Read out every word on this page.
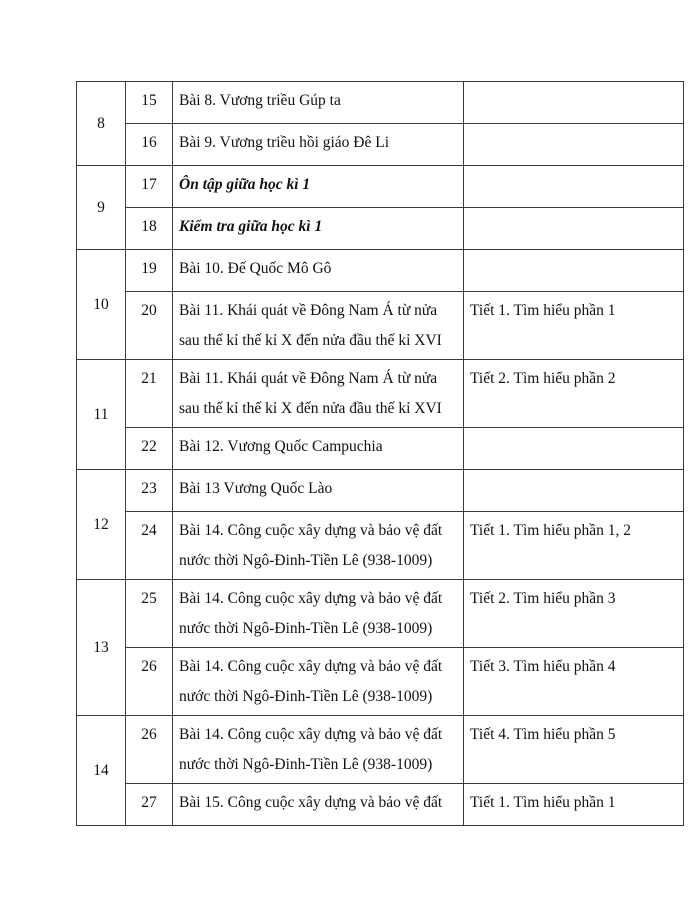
8	15	Bài 8. Vương triều Gúp ta	
	16	Bài 9. Vương triều hồi giáo Đê Li	
9	17	Ôn tập giữa học kì 1	
	18	Kiểm tra giữa học kì 1	
10	19	Bài 10. Đế Quốc Mô Gô	
	20	Bài 11. Khái quát về Đông Nam Á từ nửa sau thế kỉ thế kỉ X đến nửa đầu thế kỉ XVI	Tiết 1. Tìm hiểu phần 1
11	21	Bài 11. Khái quát về Đông Nam Á từ nửa sau thế kỉ thế kỉ X đến nửa đầu thế kỉ XVI	Tiết 2. Tìm hiểu phần 2
	22	Bài 12. Vương Quốc Campuchia	
12	23	Bài 13 Vương Quốc Lào	
	24	Bài 14. Công cuộc xây dựng và bảo vệ đất nước thời Ngô-Đinh-Tiền Lê (938-1009)	Tiết 1. Tìm hiểu phần 1, 2
13	25	Bài 14. Công cuộc xây dựng và bảo vệ đất nước thời Ngô-Đinh-Tiền Lê (938-1009)	Tiết 2. Tìm hiểu phần 3
	26	Bài 14. Công cuộc xây dựng và bảo vệ đất nước thời Ngô-Đinh-Tiền Lê (938-1009)	Tiết 3. Tìm hiểu phần 4
14	26	Bài 14. Công cuộc xây dựng và bảo vệ đất nước thời Ngô-Đinh-Tiền Lê (938-1009)	Tiết 4. Tìm hiểu phần 5
	27	Bài 15. Công cuộc xây dựng và bảo vệ đất	Tiết 1. Tìm hiểu phần 1
